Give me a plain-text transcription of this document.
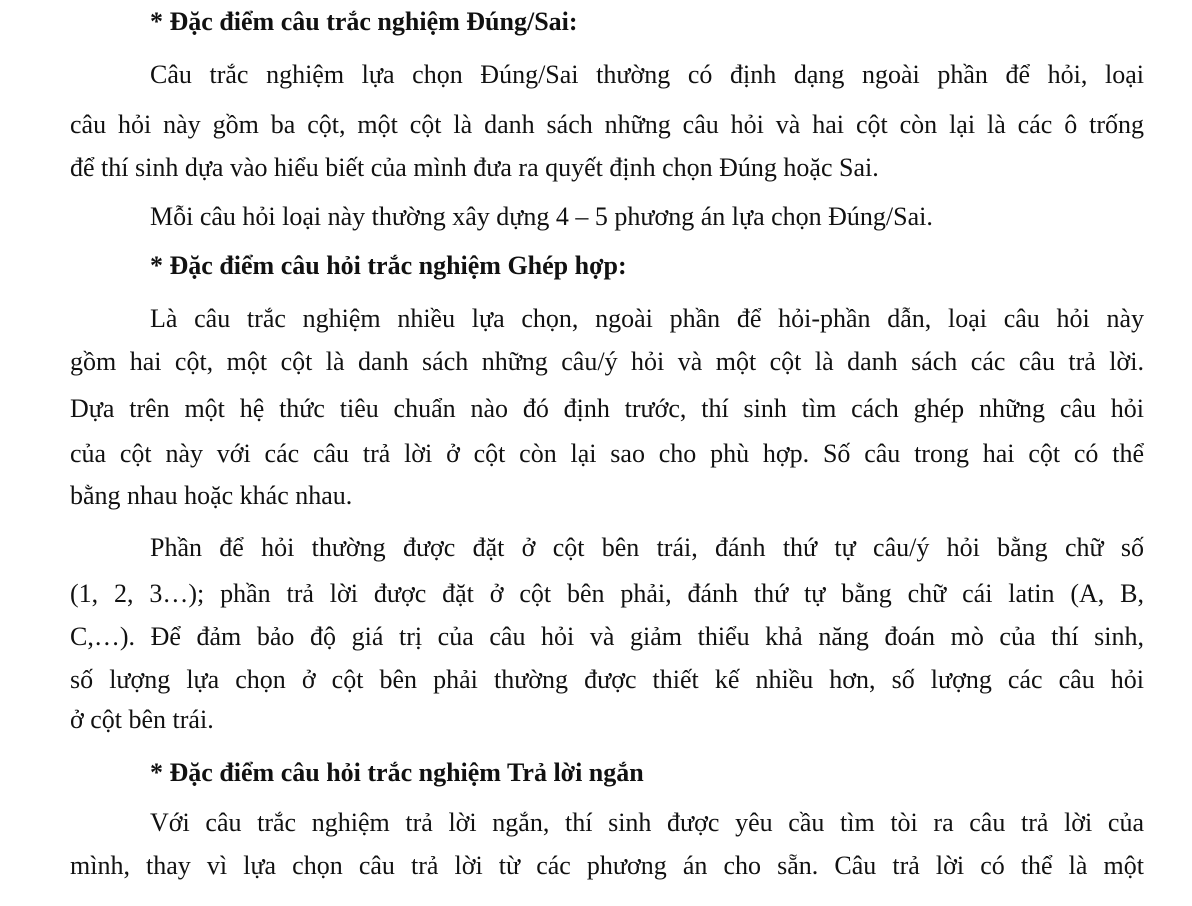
* Đặc điểm câu trắc nghiệm Đúng/Sai:
Câu trắc nghiệm lựa chọn Đúng/Sai thường có định dạng ngoài phần để hỏi, loại
câu hỏi này gồm ba cột, một cột là danh sách những câu hỏi và hai cột còn lại là các ô trống
để thí sinh dựa vào hiểu biết của mình đưa ra quyết định chọn Đúng hoặc Sai.
Mỗi câu hỏi loại này thường xây dựng 4 – 5 phương án lựa chọn Đúng/Sai.
* Đặc điểm câu hỏi trắc nghiệm Ghép hợp:
Là câu trắc nghiệm nhiều lựa chọn, ngoài phần để hỏi-phần dẫn, loại câu hỏi này
gồm hai cột, một cột là danh sách những câu/ý hỏi và một cột là danh sách các câu trả lời.
Dựa trên một hệ thức tiêu chuẩn nào đó định trước, thí sinh tìm cách ghép những câu hỏi
của cột này với các câu trả lời ở cột còn lại sao cho phù hợp. Số câu trong hai cột có thể
bằng nhau hoặc khác nhau.
Phần để hỏi thường được đặt ở cột bên trái, đánh thứ tự câu/ý hỏi bằng chữ số
(1, 2, 3…); phần trả lời được đặt ở cột bên phải, đánh thứ tự bằng chữ cái latin (A, B,
C,…). Để đảm bảo độ giá trị của câu hỏi và giảm thiểu khả năng đoán mò của thí sinh,
số lượng lựa chọn ở cột bên phải thường được thiết kế nhiều hơn, số lượng các câu hỏi
ở cột bên trái.
* Đặc điểm câu hỏi trắc nghiệm Trả lời ngắn
Với câu trắc nghiệm trả lời ngắn, thí sinh được yêu cầu tìm tòi ra câu trả lời của
mình, thay vì lựa chọn câu trả lời từ các phương án cho sẵn. Câu trả lời có thể là một
